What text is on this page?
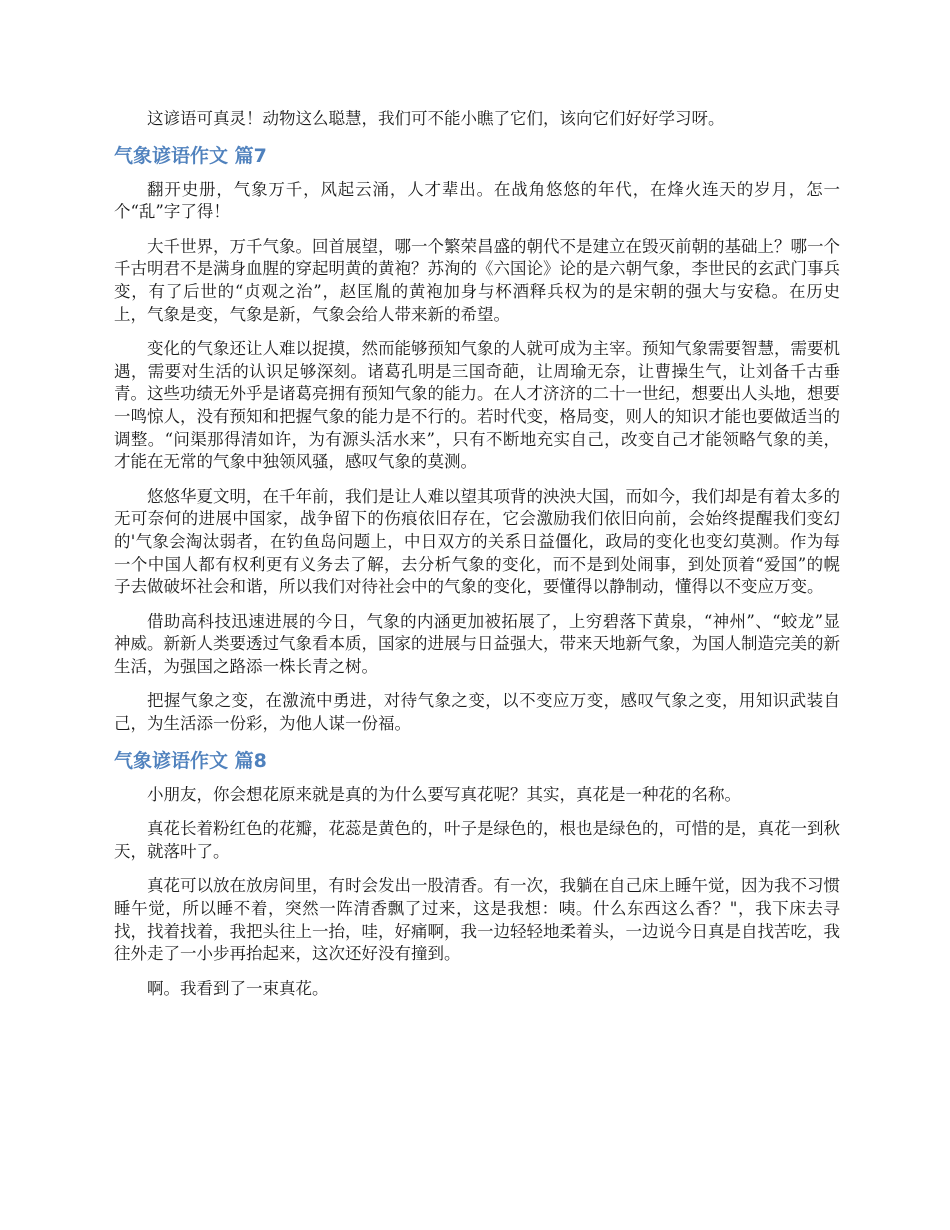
这谚语可真灵！动物这么聪慧，我们可不能小瞧了它们，该向它们好好学习呀。

气象谚语作文 篇7

翻开史册，气象万千，风起云涌，人才辈出。在战角悠悠的年代，在烽火连天的岁月，怎一个“乱”字了得！

大千世界，万千气象。回首展望，哪一个繁荣昌盛的朝代不是建立在毁灭前朝的基础上？哪一个千古明君不是满身血腥的穿起明黄的黄袍？苏洵的《六国论》论的是六朝气象，李世民的玄武门事兵变，有了后世的“贞观之治”，赵匡胤的黄袍加身与杯酒释兵权为的是宋朝的强大与安稳。在历史上，气象是变，气象是新，气象会给人带来新的希望。

变化的气象还让人难以捉摸，然而能够预知气象的人就可成为主宰。预知气象需要智慧，需要机遇，需要对生活的认识足够深刻。诸葛孔明是三国奇葩，让周瑜无奈，让曹操生气，让刘备千古垂青。这些功绩无外乎是诸葛亮拥有预知气象的能力。在人才济济的二十一世纪，想要出人头地，想要一鸣惊人，没有预知和把握气象的能力是不行的。若时代变，格局变，则人的知识才能也要做适当的调整。“问渠那得清如许，为有源头活水来”，只有不断地充实自己，改变自己才能领略气象的美，才能在无常的气象中独领风骚，感叹气象的莫测。

悠悠华夏文明，在千年前，我们是让人难以望其项背的泱泱大国，而如今，我们却是有着太多的无可奈何的进展中国家，战争留下的伤痕依旧存在，它会激励我们依旧向前，会始终提醒我们变幻的'气象会淘汰弱者，在钓鱼岛问题上，中日双方的关系日益僵化，政局的变化也变幻莫测。作为每一个中国人都有权利更有义务去了解，去分析气象的变化，而不是到处闹事，到处顶着“爱国”的幌子去做破坏社会和谐，所以我们对待社会中的气象的变化，要懂得以静制动，懂得以不变应万变。

借助高科技迅速进展的今日，气象的内涵更加被拓展了，上穷碧落下黄泉，“神州”、“蛟龙”显神威。新新人类要透过气象看本质，国家的进展与日益强大，带来天地新气象，为国人制造完美的新生活，为强国之路添一株长青之树。

把握气象之变，在激流中勇进，对待气象之变，以不变应万变，感叹气象之变，用知识武装自己，为生活添一份彩，为他人谋一份福。

气象谚语作文 篇8

小朋友，你会想花原来就是真的为什么要写真花呢？其实，真花是一种花的名称。

真花长着粉红色的花瓣，花蕊是黄色的，叶子是绿色的，根也是绿色的，可惜的是，真花一到秋天，就落叶了。

真花可以放在放房间里，有时会发出一股清香。有一次，我躺在自己床上睡午觉，因为我不习惯睡午觉，所以睡不着，突然一阵清香飘了过来，这是我想：咦。什么东西这么香？"，我下床去寻找，找着找着，我把头往上一抬，哇，好痛啊，我一边轻轻地柔着头，一边说今日真是自找苦吃，我往外走了一小步再抬起来，这次还好没有撞到。

啊。我看到了一束真花。
